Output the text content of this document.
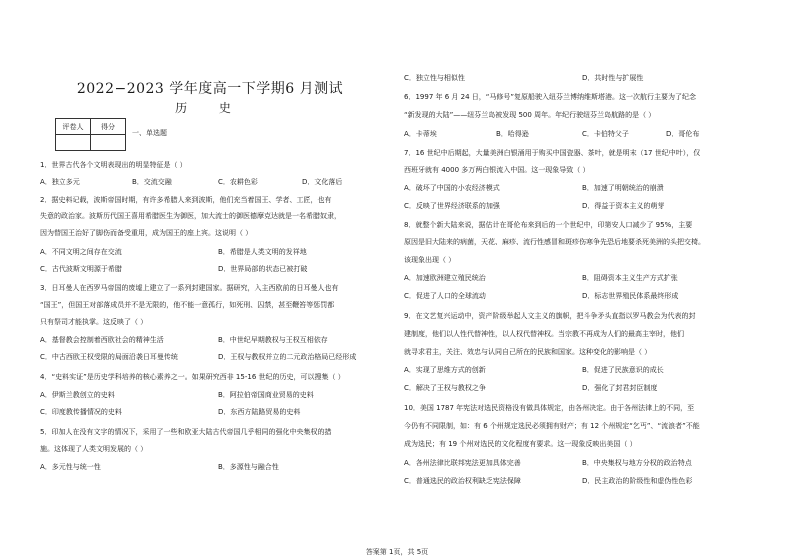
2022−2023 学年度高一下学期6 月测试
历 史
评卷人	得分

一、单选题
1．世界古代各个文明表现出的明显特征是（ ）
A．独立多元	B．交流交融	C．农耕色彩	D．文化落后
2．据史料记载，波斯帝国时期，有许多希腊人来到波斯，他们充当着国王、学者、工匠，也有
失意的政治家。波斯历代国王喜用希腊医生为御医，加大流士的御医德摩克达就是一名希腊奴隶，
因为替国王治好了脚伤而备受重用，成为国王的座上宾。这说明（ ）
A．不同文明之间存在交流	B．希腊是人类文明的发祥地
C．古代波斯文明源于希腊	D．世界局部的状态已被打破
3．日耳曼人在西罗马帝国的废墟上建立了一系列封建国家。据研究，入主西欧前的日耳曼人也有
“国王”，但国王对部落成员并不是无限的，他不能一意孤行，如死刑、囚禁，甚至鞭笞等惩罚都
只有祭司才能执掌。这反映了（ ）
A．基督教会控制着西欧社会的精神生活	B．中世纪早期教权与王权互相依存
C．中古西欧王权受限的局面沿袭日耳曼传统	D．王权与教权并立的二元政治格局已经形成
4．“史料实证”是历史学科培养的核心素养之一。如果研究西非 15-16 世纪的历史，可以搜集（ ）
A．伊斯兰教创立的史料	B．阿拉伯帝国商业贸易的史料
C．印度教传播情况的史料	D．东西方陆路贸易的史料
5．印加人在没有文字的情况下，采用了一些和欧亚大陆古代帝国几乎相同的强化中央集权的措
施。这体现了人类文明发展的（ ）
A．多元性与统一性	B．多源性与融合性
C．独立性与相似性	D．共时性与扩展性
6．1997 年 6 月 24 日，“马修号”复原船驶入纽芬兰博纳维斯塔港。这一次航行主要为了纪念
“新发现的大陆”——纽芬兰岛被发现 500 周年。年纪行驶纽芬兰岛航路的是（ ）
A．卡蒂埃	B．哈得逊	C．卡伯特父子	D．哥伦布
7．16 世纪中后期起，大量美洲白银涌用于购买中国瓷器、茶叶，就是明末（17 世纪中叶），仅
西班牙就有 4000 多万两白银流入中国。这一现象导致（ ）
A．破坏了中国的小农经济模式	B．加速了明朝统治的崩溃
C．反映了世界经济联系的加强	D．得益于资本主义的萌芽
8．就整个新大陆来说，据估计在哥伦布来到后的一个世纪中，印第安人口减少了 95%，主要
原因是旧大陆来的病菌，天花、麻疹、流行性感冒和斑疹伤寒争先恐后地要杀死美洲的头把交椅。
该现象出现（ ）
A．加速欧洲建立殖民统治	B．阻碍资本主义生产方式扩张
C．促进了人口的全球流动	D．标志世界殖民体系最终形成
9．在文艺复兴运动中，资产阶级举起人文主义的旗帜，把斗争矛头直指以罗马教会为代表的封
建制度，他们以人性代替神性，以人权代替神权。当宗教不再成为人们的最高主宰时，他们
就寻求君主，关注、效忠与认同自己所在的民族和国家。这种变化的影响是（ ）
A．实现了思维方式的创新	B．促进了民族意识的成长
C．解决了王权与教权之争	D．强化了封君封臣制度
10．美国 1787 年宪法对选民资格没有做具体规定，由各州决定。由于各州法律上的不同，至
今仍有不同限制，如：有 6 个州规定选民必须拥有财产；有 12 个州规定“乞丐”、“流浪者”不能
成为选民；有 19 个州对选民的文化程度有要求。这一现象反映出美国（ ）
A．各州法律比联邦宪法更加具体完善	B．中央集权与地方分权的政治特点
C．普通选民的政治权利缺乏宪法保障	D．民主政治的阶级性和虚伪性色彩
答案第 1页，共 5页
